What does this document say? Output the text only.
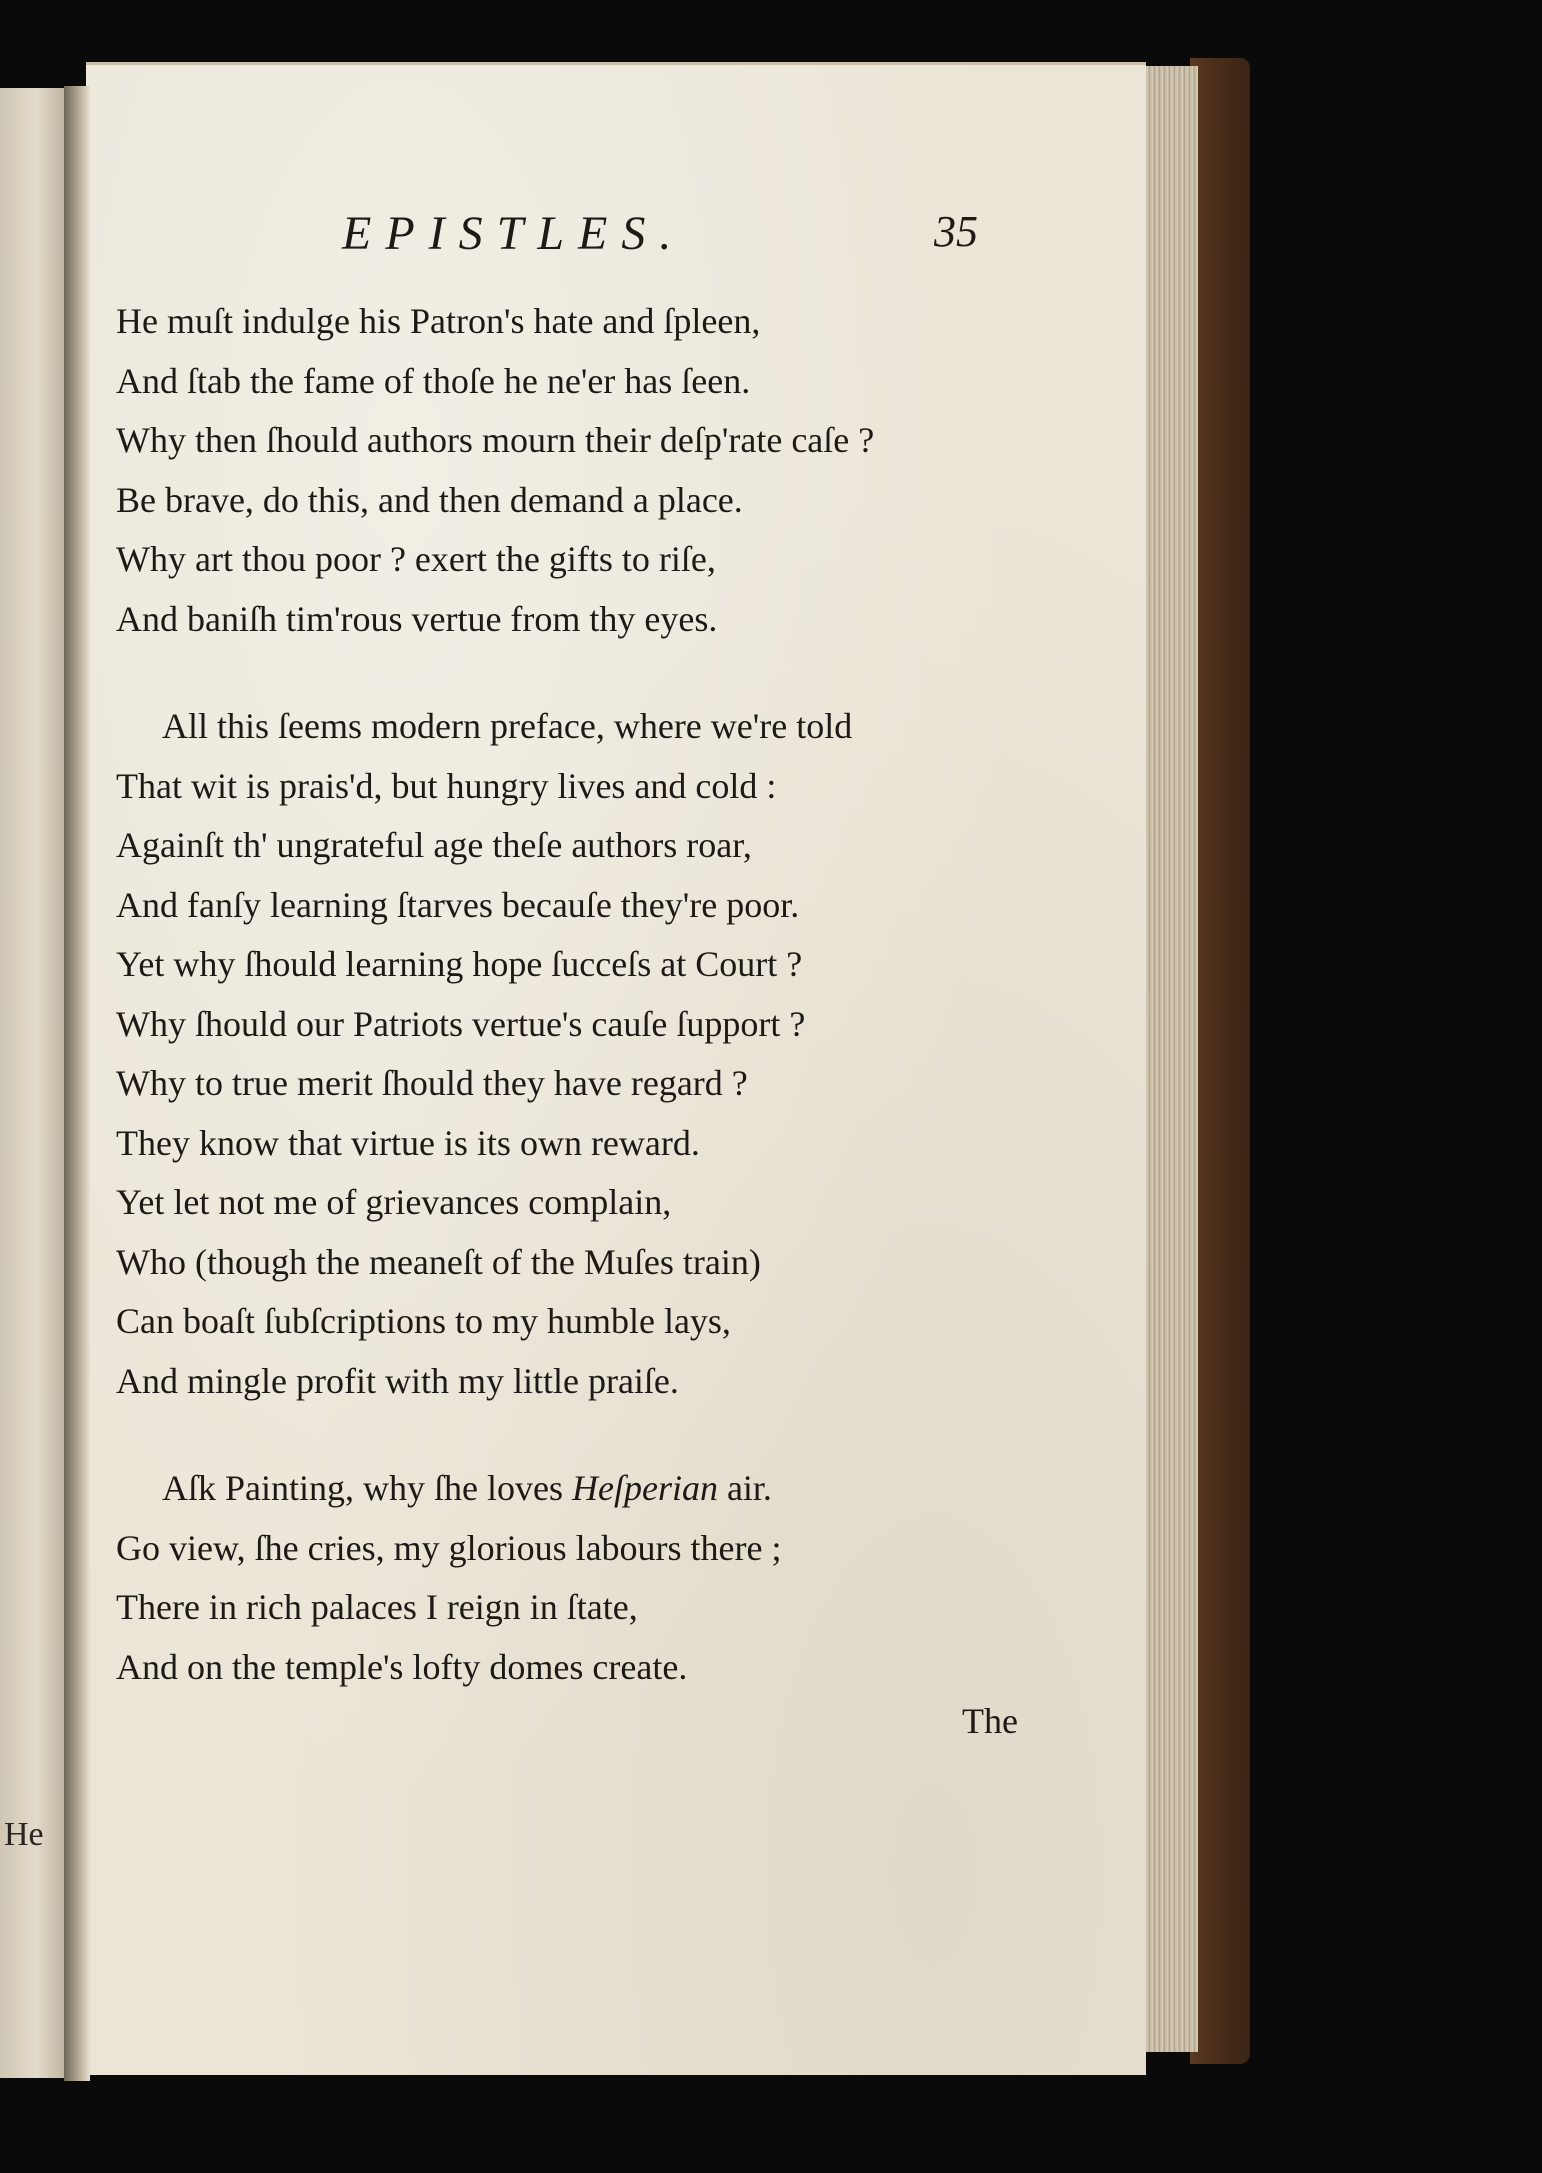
He
EPISTLES.	35
He muſt indulge his Patron's hate and ſpleen,
And ſtab the fame of thoſe he ne'er has ſeen.
Why then ſhould authors mourn their deſp'rate caſe ?
Be brave, do this, and then demand a place.
Why art thou poor ? exert the gifts to riſe,
And baniſh tim'rous vertue from thy eyes.
All this ſeems modern preface, where we're told
That wit is prais'd, but hungry lives and cold :
Againſt th' ungrateful age theſe authors roar,
And fanſy learning ſtarves becauſe they're poor.
Yet why ſhould learning hope ſucceſs at Court ?
Why ſhould our Patriots vertue's cauſe ſupport ?
Why to true merit ſhould they have regard ?
They know that virtue is its own reward.
Yet let not me of grievances complain,
Who (though the meaneſt of the Muſes train)
Can boaſt ſubſcriptions to my humble lays,
And mingle profit with my little praiſe.
Aſk Painting, why ſhe loves Heſperian air.
Go view, ſhe cries, my glorious labours there ;
There in rich palaces I reign in ſtate,
And on the temple's lofty domes create.
The
